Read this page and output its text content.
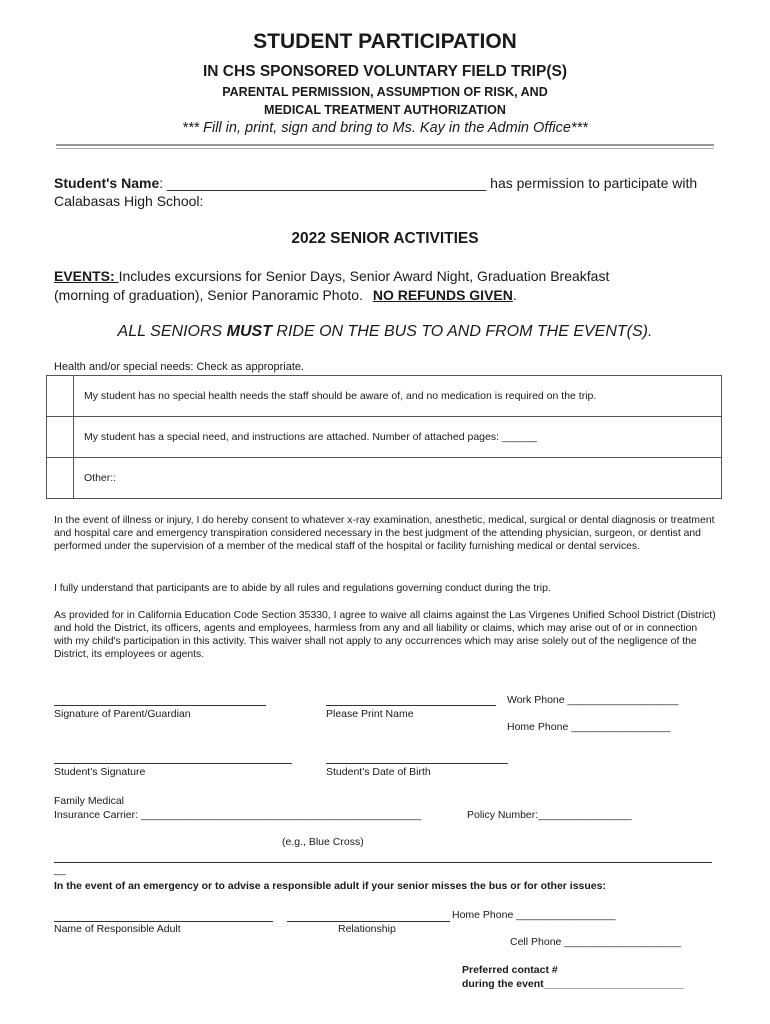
STUDENT PARTICIPATION
IN CHS SPONSORED VOLUNTARY FIELD TRIP(S)
PARENTAL PERMISSION, ASSUMPTION OF RISK, AND
MEDICAL TREATMENT AUTHORIZATION
*** Fill in, print, sign and bring to Ms. Kay in the Admin Office***
Student's Name: _________________________________________ has permission to participate with
Calabasas High School:
2022 SENIOR ACTIVITIES
EVENTS: Includes excursions for Senior Days, Senior Award Night, Graduation Breakfast
(morning of graduation), Senior Panoramic Photo. NO REFUNDS GIVEN.
ALL SENIORS MUST RIDE ON THE BUS TO AND FROM THE EVENT(S).
Health and/or special needs: Check as appropriate.
	My student has no special health needs the staff should be aware of, and no medication is required on the trip.
	My student has a special need, and instructions are attached. Number of attached pages: ______
	Other::
In the event of illness or injury, I do hereby consent to whatever x-ray examination, anesthetic, medical, surgical or dental diagnosis or treatment and hospital care and emergency transpiration considered necessary in the best judgment of the attending physician, surgeon, or dentist and performed under the supervision of a member of the medical staff of the hospital or facility furnishing medical or dental services.
I fully understand that participants are to abide by all rules and regulations governing conduct during the trip.
As provided for in California Education Code Section 35330, I agree to waive all claims against the Las Virgenes Unified School District (District) and hold the District, its officers, agents and employees, harmless from any and all liability or claims, which may arise out of or in connection with my child's participation in this activity. This waiver shall not apply to any occurrences which may arise solely out of the negligence of the District, its employees or agents.
Work Phone ___________________
Signature of Parent/Guardian	Please Print Name
Home Phone _________________
Student's Signature	Student's Date of Birth
Family Medical
Insurance Carrier: ________________________________________________	Policy Number:________________
(e.g., Blue Cross)
__
In the event of an emergency or to advise a responsible adult if your senior misses the bus or for other issues:
Home Phone _________________
Name of Responsible Adult	Relationship
Cell Phone ____________________
Preferred contact #
during the event________________________
